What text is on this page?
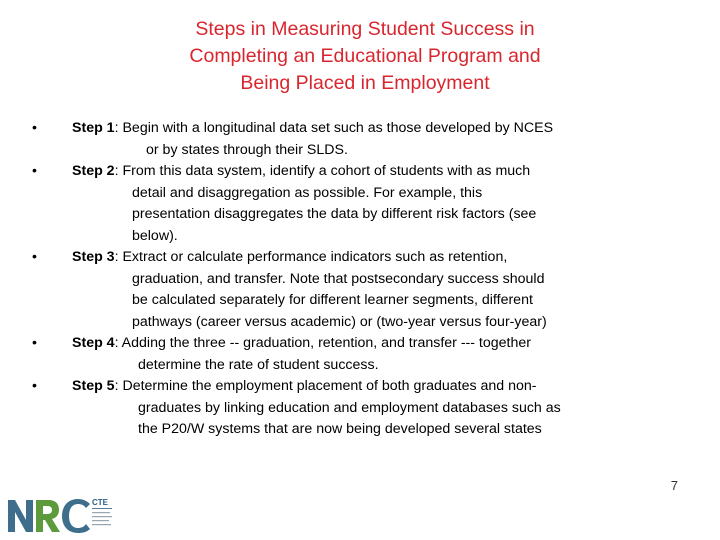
Steps in Measuring Student Success in
Completing an Educational Program and
Being Placed in Employment
•	Step 1: Begin with a longitudinal data set such as those developed by NCES
or by states through their SLDS.
•	Step 2: From this data system, identify a cohort of students with as much
detail and disaggregation as possible. For example, this
presentation disaggregates the data by different risk factors (see
below).
•	Step 3: Extract or calculate performance indicators such as retention,
graduation, and transfer. Note that postsecondary success should
be calculated separately for different learner segments, different
pathways (career versus academic) or (two-year versus four-year)
•	Step 4: Adding the three -- graduation, retention, and transfer --- together
determine the rate of student success.
•	Step 5: Determine the employment placement of both graduates and non-
graduates by linking education and employment databases such as
the P20/W systems that are now being developed several states
CTE
7
